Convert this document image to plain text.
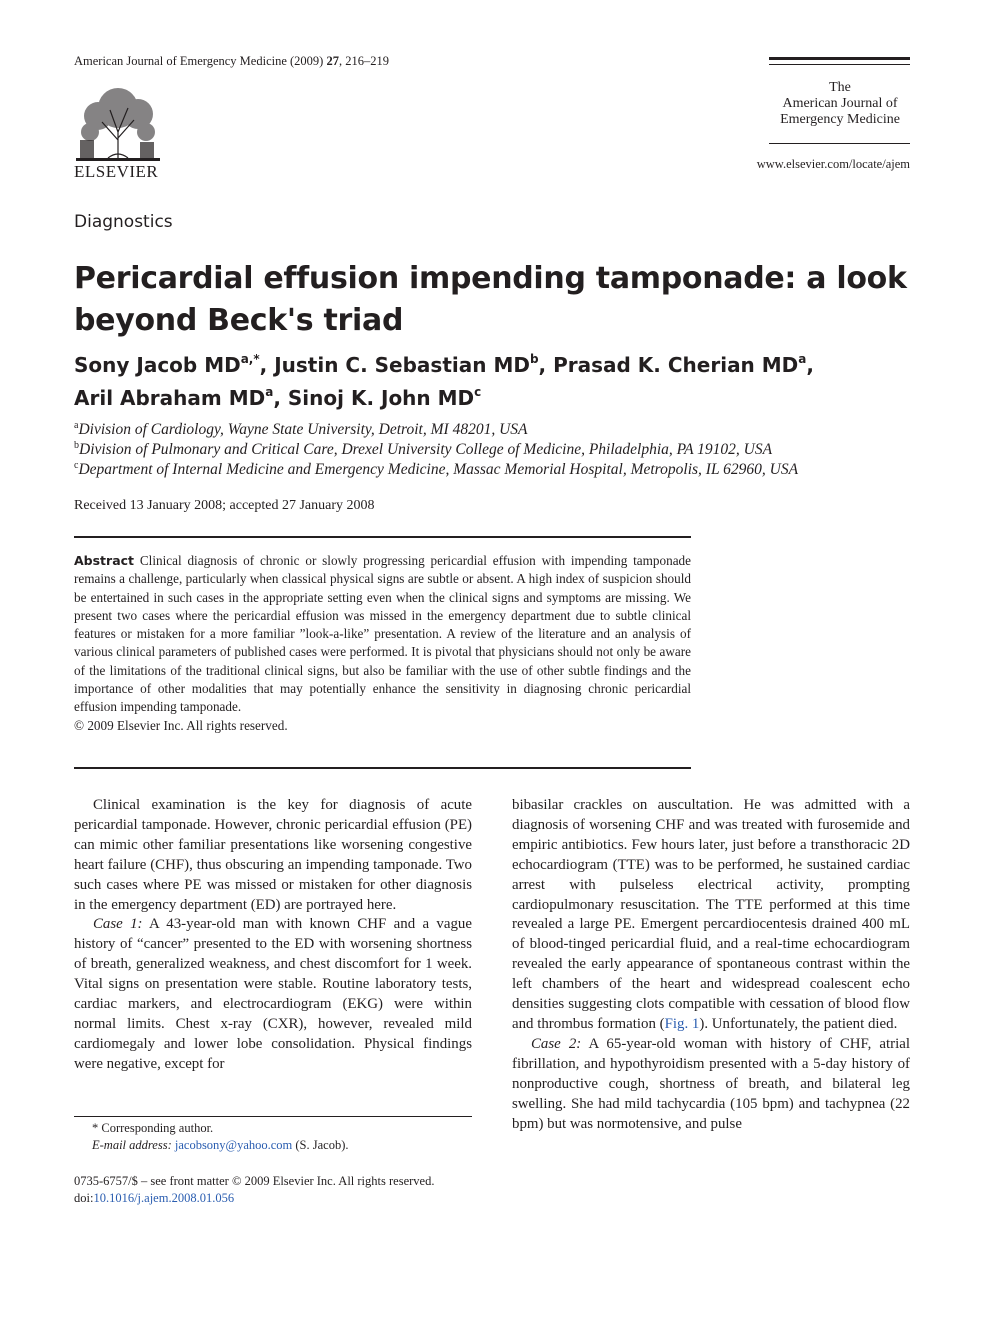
American Journal of Emergency Medicine (2009) 27, 216–219
ELSEVIER
The
American Journal of
Emergency Medicine
www.elsevier.com/locate/ajem
Diagnostics
Pericardial effusion impending tamponade: a look beyond Beck's triad
Sony Jacob $MD^{a,*}$, Justin C. Sebastian $MD^b$, Prasad K. Cherian $MD^a$,
Aril Abraham $MD^a$, Sinoj K. John $MD^c$
$^a$Division of Cardiology, Wayne State University, Detroit, MI 48201, USA
$^b$Division of Pulmonary and Critical Care, Drexel University College of Medicine, Philadelphia, PA 19102, USA
$^c$Department of Internal Medicine and Emergency Medicine, Massac Memorial Hospital, Metropolis, IL 62960, USA
Received 13 January 2008; accepted 27 January 2008
Abstract Clinical diagnosis of chronic or slowly progressing pericardial effusion with impending tamponade remains a challenge, particularly when classical physical signs are subtle or absent. A high index of suspicion should be entertained in such cases in the appropriate setting even when the clinical signs and symptoms are missing. We present two cases where the pericardial effusion was missed in the emergency department due to subtle clinical features or mistaken for a more familiar ”look-a-like” presentation. A review of the literature and an analysis of various clinical parameters of published cases were performed. It is pivotal that physicians should not only be aware of the limitations of the traditional clinical signs, but also be familiar with the use of other subtle findings and the importance of other modalities that may potentially enhance the sensitivity in diagnosing chronic pericardial effusion impending tamponade.
© 2009 Elsevier Inc. All rights reserved.

Clinical examination is the key for diagnosis of acute pericardial tamponade. However, chronic pericardial effusion (PE) can mimic other familiar presentations like worsening congestive heart failure (CHF), thus obscuring an impending tamponade. Two such cases where PE was missed or mistaken for other diagnosis in the emergency department (ED) are portrayed here.

Case 1: A 43-year-old man with known CHF and a vague history of “cancer” presented to the ED with worsening shortness of breath, generalized weakness, and chest discomfort for 1 week. Vital signs on presentation were stable. Routine laboratory tests, cardiac markers, and electrocardiogram (EKG) were within normal limits. Chest x-ray (CXR), however, revealed mild cardiomegaly and lower lobe consolidation. Physical findings were negative, except for

bibasilar crackles on auscultation. He was admitted with a diagnosis of worsening CHF and was treated with furosemide and empiric antibiotics. Few hours later, just before a transthoracic 2D echocardiogram (TTE) was to be performed, he sustained cardiac arrest with pulseless electrical activity, prompting cardiopulmonary resuscitation. The TTE performed at this time revealed a large PE. Emergent percardiocentesis drained 400 mL of blood-tinged pericardial fluid, and a real-time echocardiogram revealed the early appearance of spontaneous contrast within the left chambers of the heart and widespread coalescent echo densities suggesting clots compatible with cessation of blood flow and thrombus formation (Fig. 1). Unfortunately, the patient died.

Case 2: A 65-year-old woman with history of CHF, atrial fibrillation, and hypothyroidism presented with a 5-day history of nonproductive cough, shortness of breath, and bilateral leg swelling. She had mild tachycardia (105 bpm) and tachypnea (22 bpm) but was normotensive, and pulse

* Corresponding author.
E-mail address: jacobsony@yahoo.com (S. Jacob).
0735-6757/$ – see front matter © 2009 Elsevier Inc. All rights reserved.
doi:10.1016/j.ajem.2008.01.056
